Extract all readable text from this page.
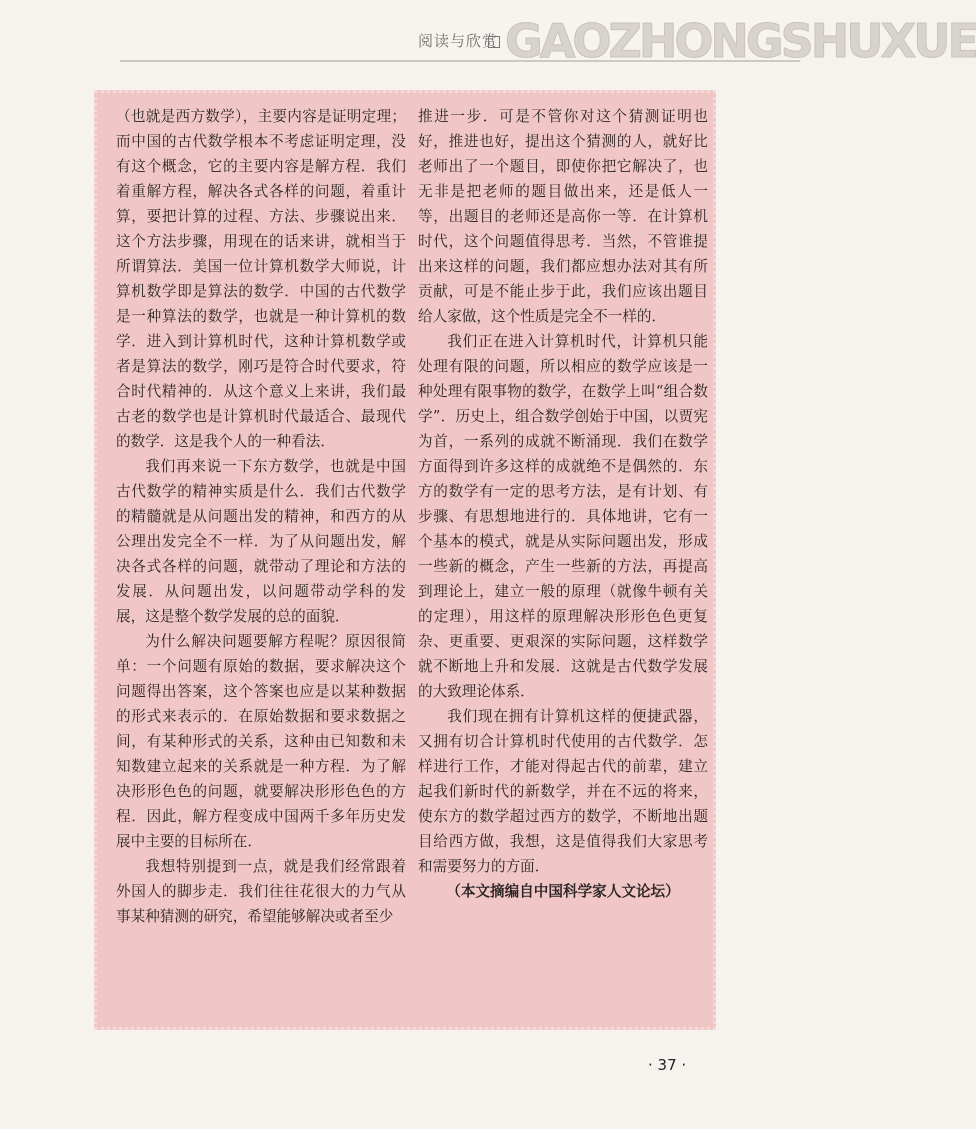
阅读与欣赏 GAOZHONGSHUXUE

（也就是西方数学），主要内容是证明定理；而中国的古代数学根本不考虑证明定理，没有这个概念，它的主要内容是解方程．我们着重解方程，解决各式各样的问题，着重计算，要把计算的过程、方法、步骤说出来．这个方法步骤，用现在的话来讲，就相当于所谓算法．美国一位计算机数学大师说，计算机数学即是算法的数学．中国的古代数学是一种算法的数学，也就是一种计算机的数学．进入到计算机时代，这种计算机数学或者是算法的数学，刚巧是符合时代要求，符合时代精神的．从这个意义上来讲，我们最古老的数学也是计算机时代最适合、最现代的数学．这是我个人的一种看法．

我们再来说一下东方数学，也就是中国古代数学的精神实质是什么．我们古代数学的精髓就是从问题出发的精神，和西方的从公理出发完全不一样．为了从问题出发，解决各式各样的问题，就带动了理论和方法的发展．从问题出发，以问题带动学科的发展，这是整个数学发展的总的面貌．

为什么解决问题要解方程呢？原因很简单：一个问题有原始的数据，要求解决这个问题得出答案，这个答案也应是以某种数据的形式来表示的．在原始数据和要求数据之间，有某种形式的关系，这种由已知数和未知数建立起来的关系就是一种方程．为了解决形形色色的问题，就要解决形形色色的方程．因此，解方程变成中国两千多年历史发展中主要的目标所在．

我想特别提到一点，就是我们经常跟着外国人的脚步走．我们往往花很大的力气从事某种猜测的研究，希望能够解决或者至少

推进一步．可是不管你对这个猜测证明也好，推进也好，提出这个猜测的人，就好比老师出了一个题目，即使你把它解决了，也无非是把老师的题目做出来，还是低人一等，出题目的老师还是高你一等．在计算机时代，这个问题值得思考．当然，不管谁提出来这样的问题，我们都应想办法对其有所贡献，可是不能止步于此，我们应该出题目给人家做，这个性质是完全不一样的．

我们正在进入计算机时代，计算机只能处理有限的问题，所以相应的数学应该是一种处理有限事物的数学，在数学上叫“组合数学”．历史上，组合数学创始于中国，以贾宪为首，一系列的成就不断涌现．我们在数学方面得到许多这样的成就绝不是偶然的．东方的数学有一定的思考方法，是有计划、有步骤、有思想地进行的．具体地讲，它有一个基本的模式，就是从实际问题出发，形成一些新的概念，产生一些新的方法，再提高到理论上，建立一般的原理（就像牛顿有关的定理），用这样的原理解决形形色色更复杂、更重要、更艰深的实际问题，这样数学就不断地上升和发展．这就是古代数学发展的大致理论体系．

我们现在拥有计算机这样的便捷武器，又拥有切合计算机时代使用的古代数学．怎样进行工作，才能对得起古代的前辈，建立起我们新时代的新数学，并在不远的将来，使东方的数学超过西方的数学，不断地出题目给西方做，我想，这是值得我们大家思考和需要努力的方面．

（本文摘编自中国科学家人文论坛）

· 37 ·
